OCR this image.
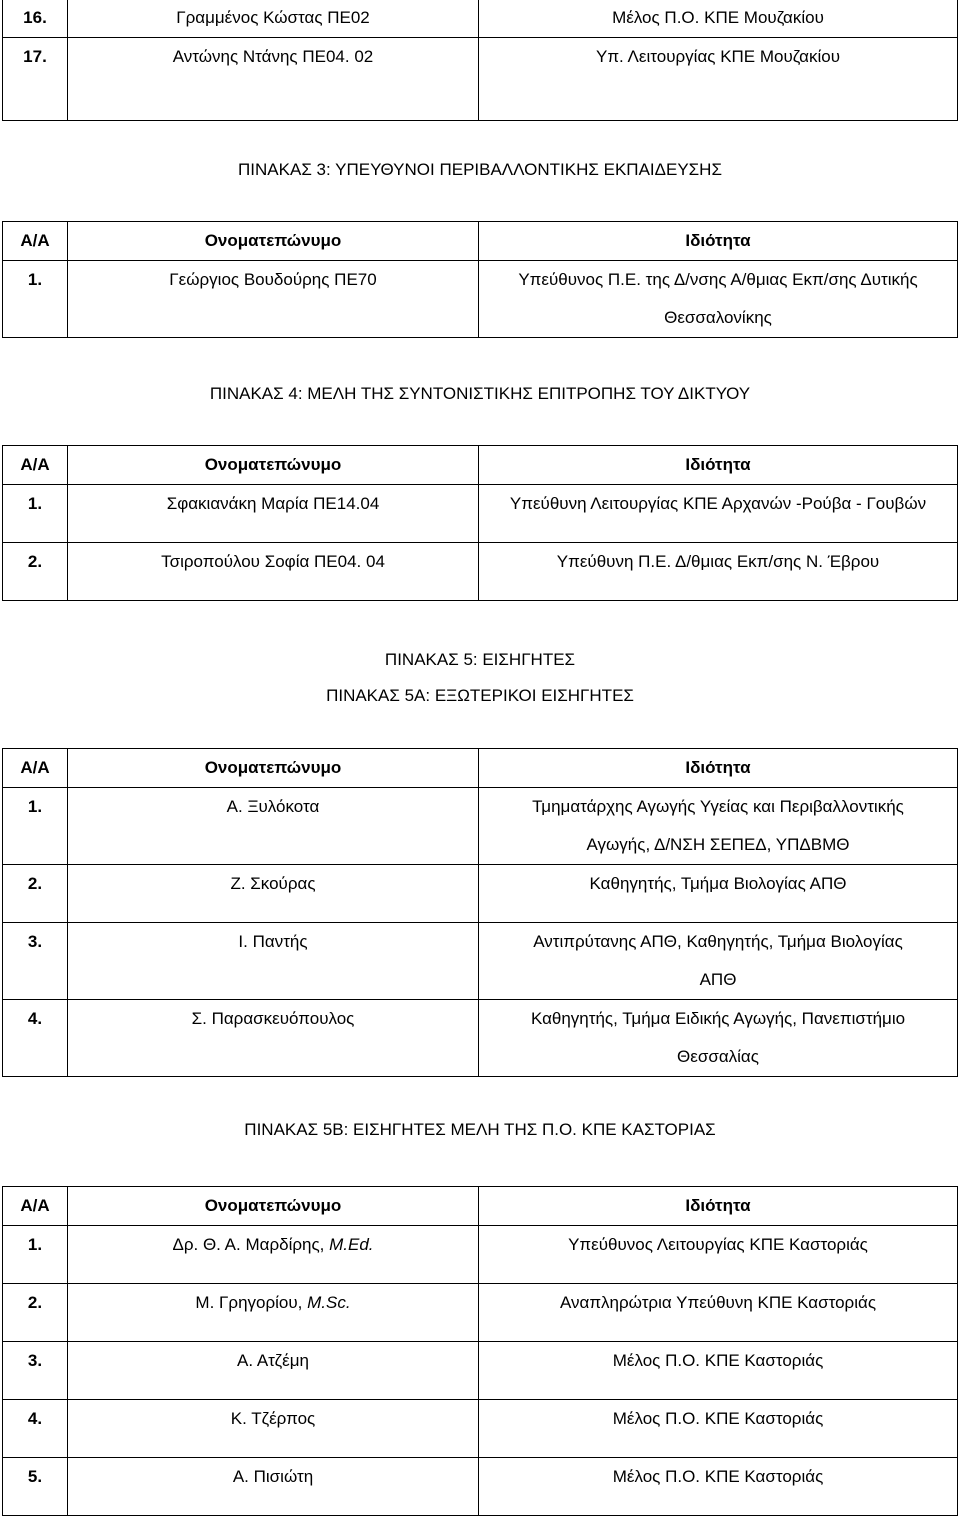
16.	Γραμμένος Κώστας ΠΕ02	Μέλος Π.Ο. ΚΠΕ Μουζακίου
17.	Αντώνης Ντάνης ΠΕ04. 02	Υπ. Λειτουργίας ΚΠΕ Μουζακίου
ΠΙΝΑΚΑΣ 3: ΥΠΕΥΘΥΝΟΙ ΠΕΡΙΒΑΛΛΟΝΤΙΚΗΣ ΕΚΠΑΙΔΕΥΣΗΣ
Α/Α	Ονοματεπώνυμο	Ιδιότητα
1.	Γεώργιος Βουδούρης ΠΕ70	Υπεύθυνος Π.Ε. της Δ/νσης Α/θμιας Εκπ/σης Δυτικής
Θεσσαλονίκης
ΠΙΝΑΚΑΣ 4: ΜΕΛΗ ΤΗΣ ΣΥΝΤΟΝΙΣΤΙΚΗΣ ΕΠΙΤΡΟΠΗΣ ΤΟΥ ΔΙΚΤΥΟΥ
Α/Α	Ονοματεπώνυμο	Ιδιότητα
1.	Σφακιανάκη Μαρία ΠΕ14.04	Υπεύθυνη Λειτουργίας ΚΠΕ Αρχανών -Ρούβα - Γουβών
2.	Τσιροπούλου Σοφία ΠΕ04. 04	Υπεύθυνη Π.Ε. Δ/θμιας Εκπ/σης Ν. Έβρου
ΠΙΝΑΚΑΣ 5: ΕΙΣΗΓΗΤΕΣ
ΠΙΝΑΚΑΣ 5Α: ΕΞΩΤΕΡΙΚΟΙ ΕΙΣΗΓΗΤΕΣ
Α/Α	Ονοματεπώνυμο	Ιδιότητα
1.	Α. Ξυλόκοτα	Τμηματάρχης Αγωγής Υγείας και Περιβαλλοντικής
Αγωγής, Δ/ΝΣΗ ΣΕΠΕΔ, ΥΠΔΒΜΘ

2.	Ζ. Σκούρας	Καθηγητής, Τμήμα Βιολογίας ΑΠΘ
3.	Ι. Παντής	Αντιπρύτανης ΑΠΘ, Καθηγητής, Τμήμα Βιολογίας
ΑΠΘ

4.	Σ. Παρασκευόπουλος	Καθηγητής, Τμήμα Ειδικής Αγωγής, Πανεπιστήμιο
Θεσσαλίας
ΠΙΝΑΚΑΣ 5Β: ΕΙΣΗΓΗΤΕΣ ΜΕΛΗ ΤΗΣ Π.Ο. ΚΠΕ ΚΑΣΤΟΡΙΑΣ
Α/Α	Ονοματεπώνυμο	Ιδιότητα
1.	Δρ. Θ. Α. Μαρδίρης, M.Ed.	Υπεύθυνος Λειτουργίας ΚΠΕ Καστοριάς
2.	Μ. Γρηγορίου, M.Sc.	Αναπληρώτρια Υπεύθυνη ΚΠΕ Καστοριάς
3.	Α. Ατζέμη	Μέλος Π.Ο. ΚΠΕ Καστοριάς
4.	Κ. Τζέρπος	Μέλος Π.Ο. ΚΠΕ Καστοριάς
5.	Α. Πισιώτη	Μέλος Π.Ο. ΚΠΕ Καστοριάς
